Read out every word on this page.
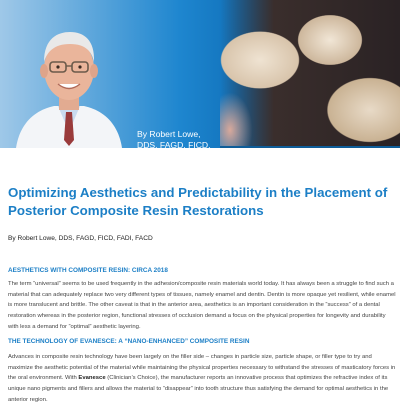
By Robert Lowe,
DDS, FAGD, FICD,
FADI, FACD
Optimizing Aesthetics and Predictability in the Placement of Posterior Composite Resin Restorations
By Robert Lowe, DDS, FAGD, FICD, FADI, FACD
AESTHETICS WITH COMPOSITE RESIN: CIRCA 2018

The term “universal” seems to be used frequently in the adhesion/composite resin materials world today. It has always been a struggle to find such a material that can adequately replace two very different types of tissues, namely enamel and dentin. Dentin is more opaque yet resilient, while enamel is more translucent and brittle. The other caveat is that in the anterior area, aesthetics is an important consideration in the “success” of a dental restoration whereas in the posterior region, functional stresses of occlusion demand a focus on the physical properties for longevity and durability with less a demand for “optimal” aesthetic layering.

THE TECHNOLOGY OF EVANESCE: A “NANO-ENHANCED” COMPOSITE RESIN

Advances in composite resin technology have been largely on the filler side – changes in particle size, particle shape, or filler type to try and maximize the aesthetic potential of the material while maintaining the physical properties necessary to withstand the stresses of masticatory forces in the oral environment. With Evanesce (Clinician’s Choice), the manufacturer reports an innovative process that optimizes the refractive index of its unique nano pigments and fillers and allows the material to “disappear” into tooth structure thus satisfying the demand for optimal aesthetics in the anterior region.
